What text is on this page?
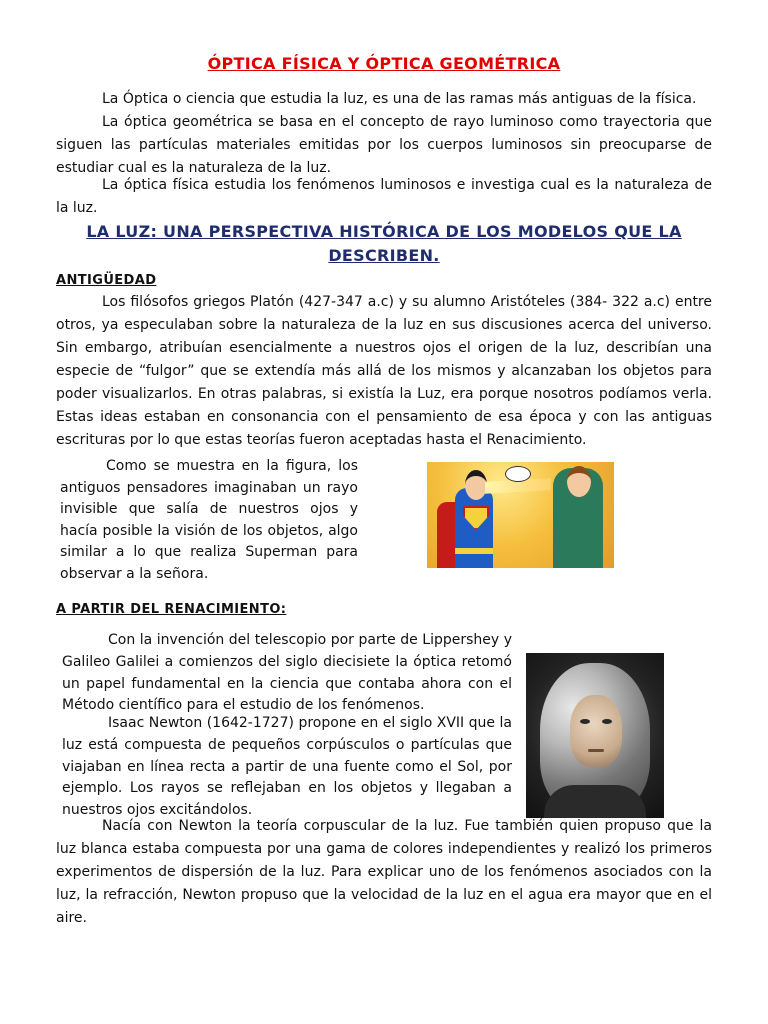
ÓPTICA FÍSICA Y ÓPTICA GEOMÉTRICA

La Óptica o ciencia que estudia la luz, es una de las ramas más antiguas de la física.

La óptica geométrica se basa en el concepto de rayo luminoso como trayectoria que siguen las partículas materiales emitidas por los cuerpos luminosos sin preocuparse de estudiar cual es la naturaleza de la luz.

La óptica física estudia los fenómenos luminosos e investiga cual es la naturaleza de la luz.

LA LUZ: UNA PERSPECTIVA HISTÓRICA DE LOS MODELOS QUE LA DESCRIBEN.
ANTIGÜEDAD

Los filósofos griegos Platón (427-347 a.c) y su alumno Aristóteles (384- 322 a.c) entre otros, ya especulaban sobre la naturaleza de la luz en sus discusiones acerca del universo. Sin embargo, atribuían esencialmente a nuestros ojos el origen de la luz, describían una especie de “fulgor” que se extendía más allá de los mismos y alcanzaban los objetos para poder visualizarlos. En otras palabras, si existía la Luz, era porque nosotros podíamos verla. Estas ideas estaban en consonancia con el pensamiento de esa época y con las antiguas escrituras por lo que estas teorías fueron aceptadas hasta el Renacimiento.

Como se muestra en la figura, los antiguos pensadores imaginaban un rayo invisible que salía de nuestros ojos y hacía posible la visión de los objetos, algo similar a lo que realiza Superman para observar a la señora.

A PARTIR DEL RENACIMIENTO:

Con la invención del telescopio por parte de Lippershey y Galileo Galilei a comienzos del siglo diecisiete la óptica retomó un papel fundamental en la ciencia que contaba ahora con el Método científico para el estudio de los fenómenos.

Isaac Newton (1642-1727) propone en el siglo XVII que la luz está compuesta de pequeños corpúsculos o partículas que viajaban en línea recta a partir de una fuente como el Sol, por ejemplo. Los rayos se reflejaban en los objetos y llegaban a nuestros ojos excitándolos.

Nacía con Newton la teoría corpuscular de la luz. Fue también quien propuso que la luz blanca estaba compuesta por una gama de colores independientes y realizó los primeros experimentos de dispersión de la luz. Para explicar uno de los fenómenos asociados con la luz, la refracción, Newton propuso que la velocidad de la luz en el agua era mayor que en el aire.
